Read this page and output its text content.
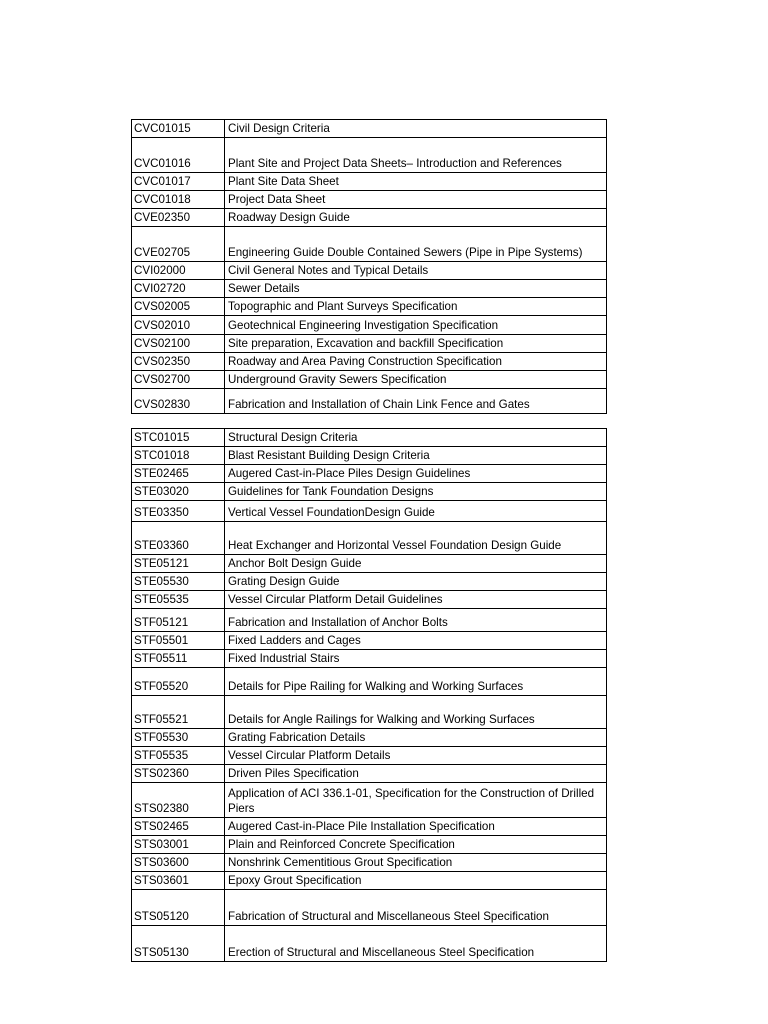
CVC01015	Civil Design Criteria
CVC01016	Plant Site and Project Data Sheets– Introduction and References
CVC01017	Plant Site Data Sheet
CVC01018	Project Data Sheet
CVE02350	Roadway Design Guide
CVE02705	Engineering Guide Double Contained Sewers (Pipe in Pipe Systems)
CVI02000	Civil General Notes and Typical Details
CVI02720	Sewer Details
CVS02005	Topographic and Plant Surveys Specification
CVS02010	Geotechnical Engineering Investigation Specification
CVS02100	Site preparation, Excavation and backfill Specification
CVS02350	Roadway and Area Paving Construction Specification
CVS02700	Underground Gravity Sewers Specification
CVS02830	Fabrication and Installation of Chain Link Fence and Gates
STC01015	Structural Design Criteria
STC01018	Blast Resistant Building Design Criteria
STE02465	Augered Cast-in-Place Piles Design Guidelines
STE03020	Guidelines for Tank Foundation Designs
STE03350	Vertical Vessel FoundationDesign Guide
STE03360	Heat Exchanger and Horizontal Vessel Foundation Design Guide
STE05121	Anchor Bolt Design Guide
STE05530	Grating Design Guide
STE05535	Vessel Circular Platform Detail Guidelines
STF05121	Fabrication and Installation of Anchor Bolts
STF05501	Fixed Ladders and Cages
STF05511	Fixed Industrial Stairs
STF05520	Details for Pipe Railing for Walking and Working Surfaces
STF05521	Details for Angle Railings for Walking and Working Surfaces
STF05530	Grating Fabrication Details
STF05535	Vessel Circular Platform Details
STS02360	Driven Piles Specification
STS02380	Application of ACI 336.1-01, Specification for the Construction of Drilled Piers
STS02465	Augered Cast-in-Place Pile Installation Specification
STS03001	Plain and Reinforced Concrete Specification
STS03600	Nonshrink Cementitious Grout Specification
STS03601	Epoxy Grout Specification
STS05120	Fabrication of Structural and Miscellaneous Steel Specification
STS05130	Erection of Structural and Miscellaneous Steel Specification
